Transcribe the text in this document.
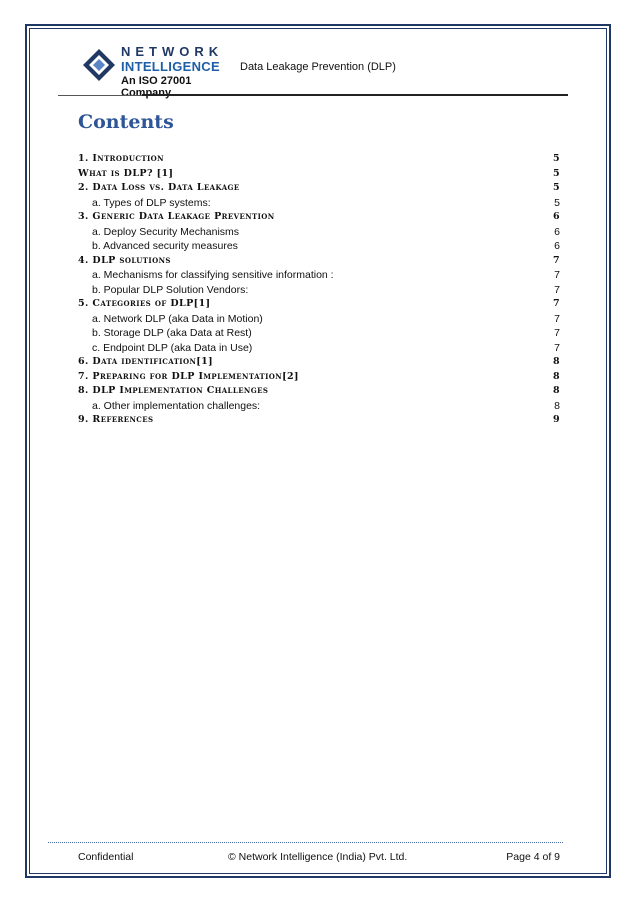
NETWORK
INTELLIGENCE
An ISO 27001 Company
Data Leakage Prevention (DLP)
Contents
1. Introduction	5
What is DLP? [1]	5
2. Data Loss vs. Data Leakage	5
a. Types of DLP systems:	5
3. Generic Data Leakage Prevention	6
a. Deploy Security Mechanisms	6
b. Advanced security measures	6
4. DLP solutions	7
a. Mechanisms for classifying sensitive information :	7
b. Popular DLP Solution Vendors:	7
5. Categories of DLP[1]	7
a. Network DLP (aka Data in Motion)	7
b. Storage DLP (aka Data at Rest)	7
c. Endpoint DLP (aka Data in Use)	7
6. Data identification[1]	8
7. Preparing for DLP Implementation[2]	8
8. DLP Implementation Challenges	8
a. Other implementation challenges:	8
9. References	9
Confidential	© Network Intelligence (India) Pvt. Ltd.	Page 4 of 9
